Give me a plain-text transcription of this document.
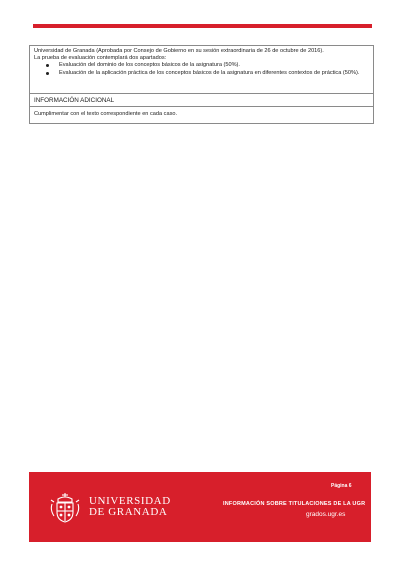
Universidad de Granada (Aprobada por Consejo de Gobierno en su sesión extraordinaria de 26 de octubre de 2016).
La prueba de evaluación contemplará dos apartados:
Evaluación del dominio de los conceptos básicos de la asignatura (50%).
Evaluación de la aplicación práctica de los conceptos básicos de la asignatura en diferentes contextos de práctica (50%).
INFORMACIÓN ADICIONAL
Cumplimentar con el texto correspondiente en cada caso.
UNIVERSIDAD
DE GRANADA
Página 6
INFORMACIÓN SOBRE TITULACIONES DE LA UGR
grados.ugr.es
